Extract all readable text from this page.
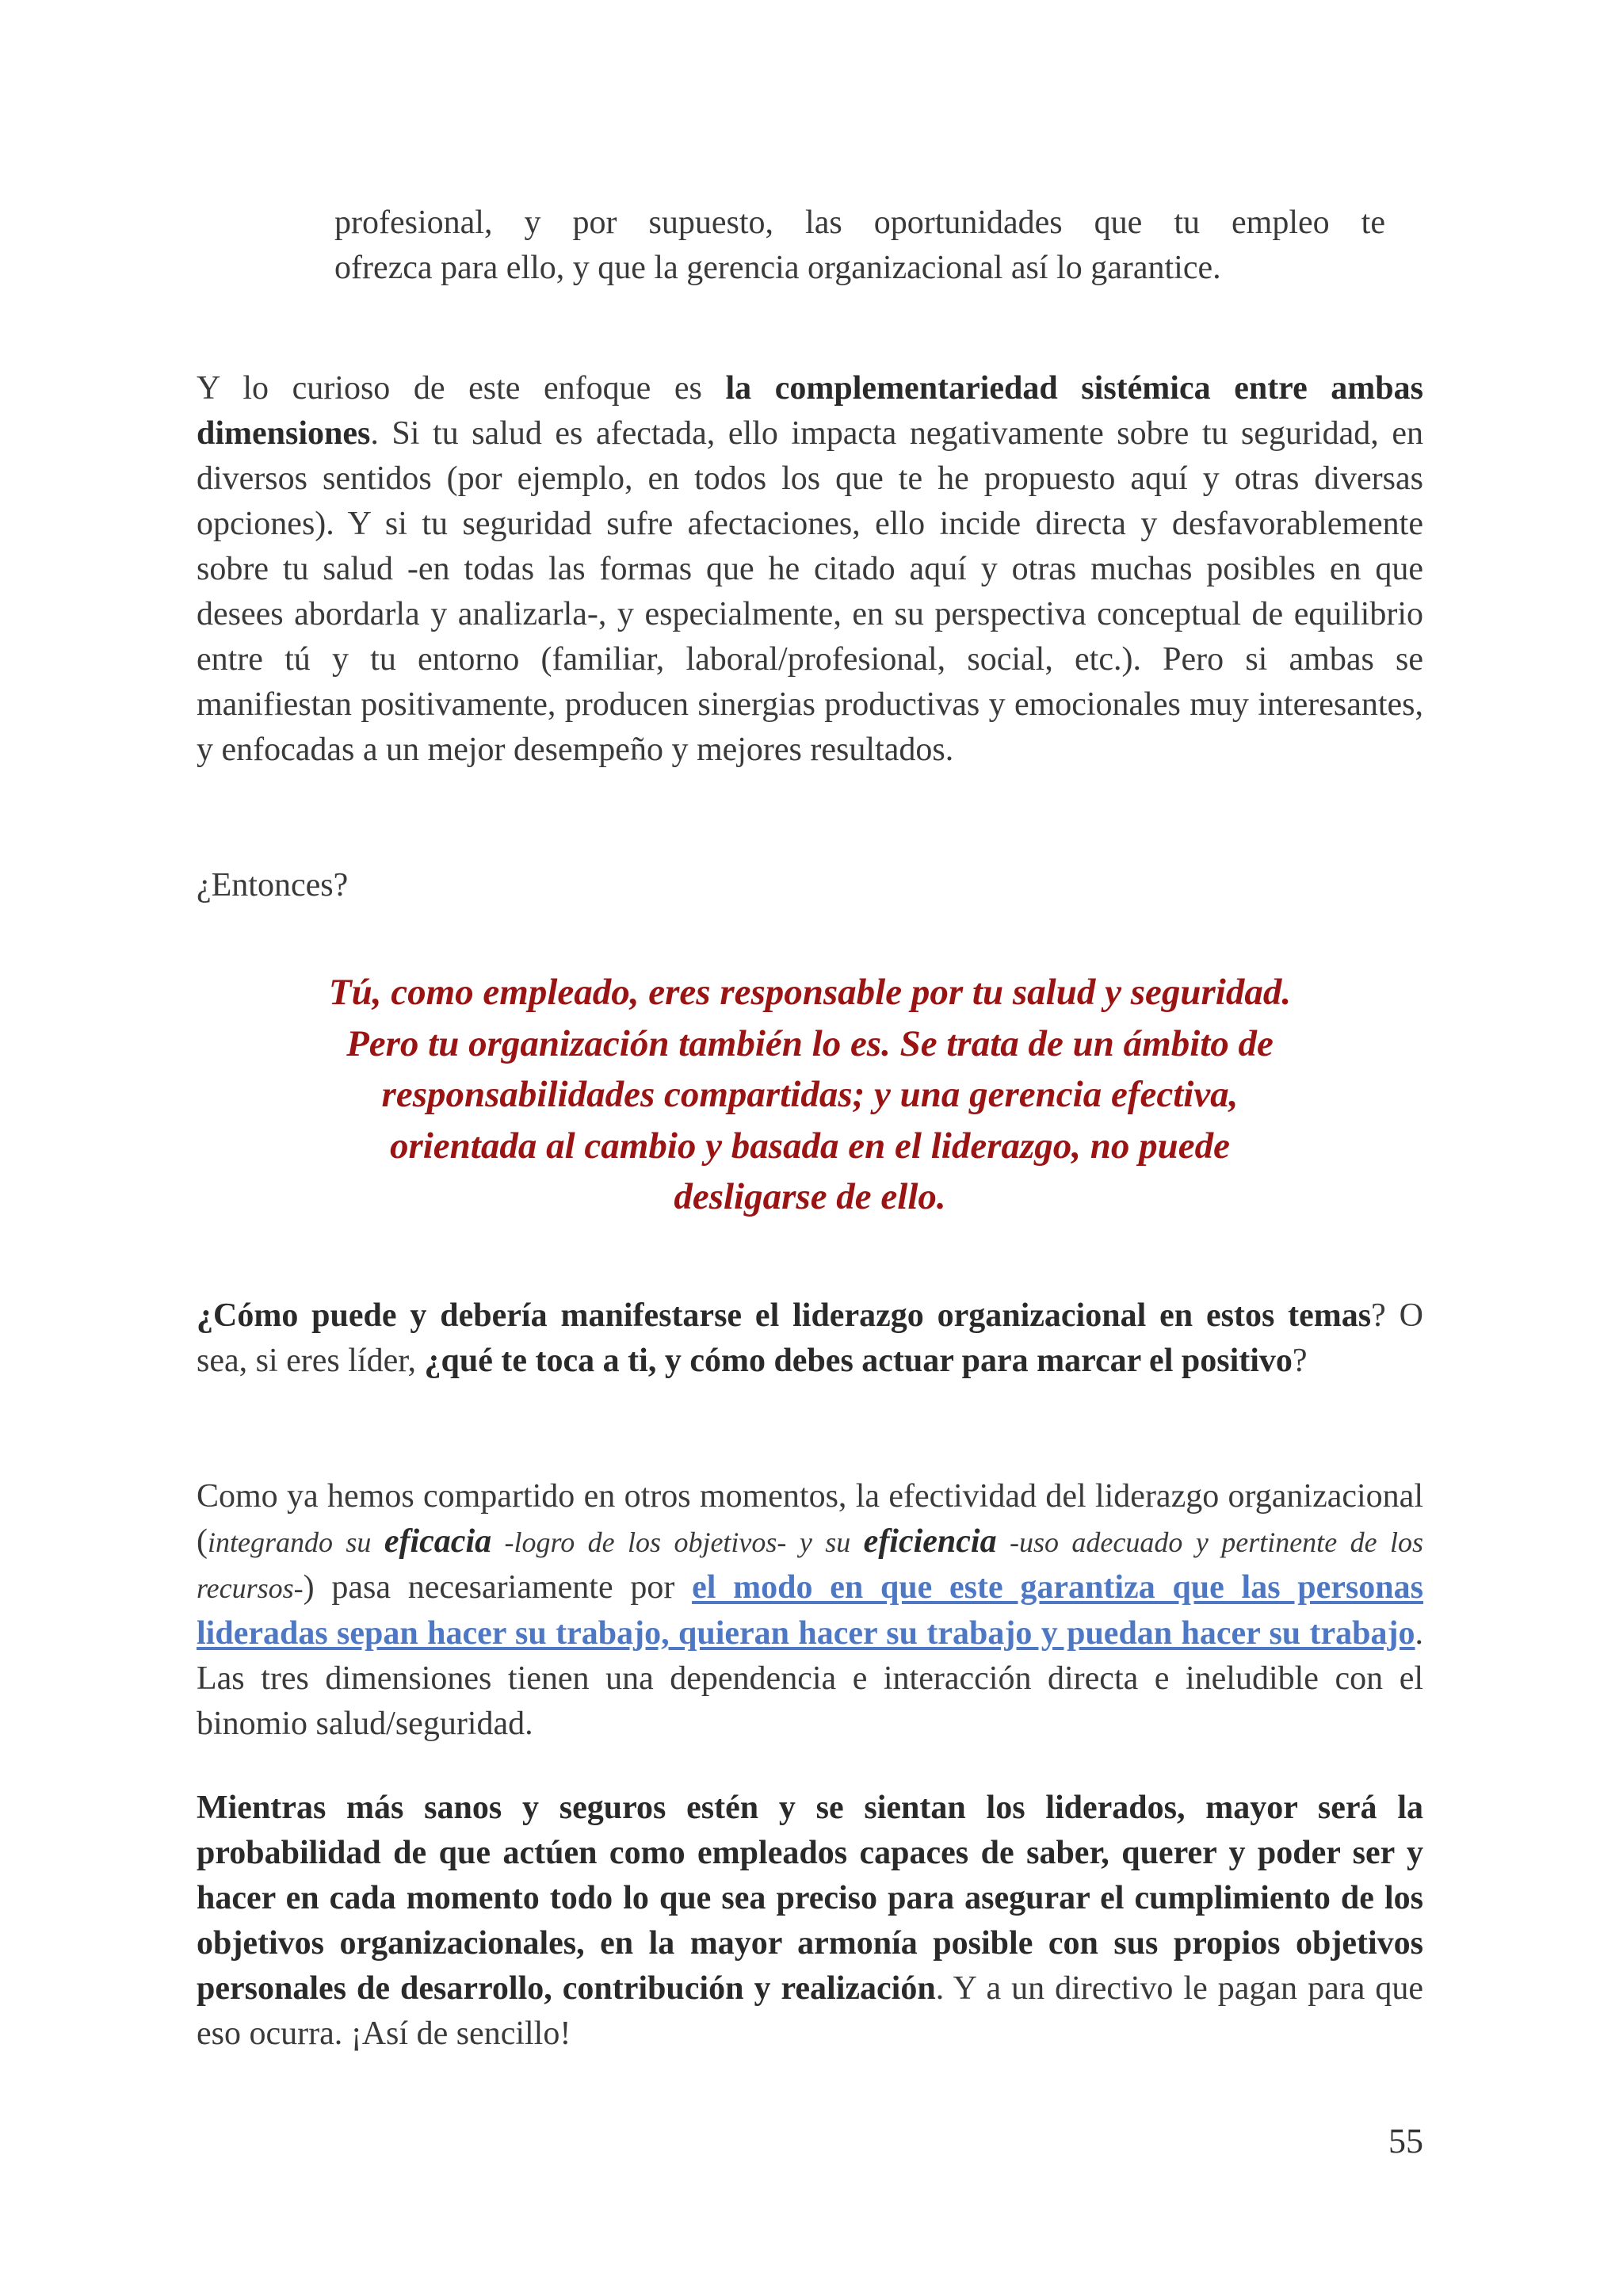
profesional, y por supuesto, las oportunidades que tu empleo te
ofrezca para ello, y que la gerencia organizacional así lo garantice.

Y lo curioso de este enfoque es la complementariedad sistémica entre ambas dimensiones. Si tu salud es afectada, ello impacta negativamente sobre tu seguridad, en diversos sentidos (por ejemplo, en todos los que te he propuesto aquí y otras diversas opciones). Y si tu seguridad sufre afectaciones, ello incide directa y desfavorablemente sobre tu salud -en todas las formas que he citado aquí y otras muchas posibles en que desees abordarla y analizarla-, y especialmente, en su perspectiva conceptual de equilibrio entre tú y tu entorno (familiar, laboral/profesional, social, etc.). Pero si ambas se manifiestan positivamente, producen sinergias productivas y emocionales muy interesantes, y enfocadas a un mejor desempeño y mejores resultados.

¿Entonces?

Tú, como empleado, eres responsable por tu salud y seguridad.
Pero tu organización también lo es. Se trata de un ámbito de
responsabilidades compartidas; y una gerencia efectiva,
orientada al cambio y basada en el liderazgo, no puede
desligarse de ello.

¿Cómo puede y debería manifestarse el liderazgo organizacional en estos temas? O sea, si eres líder, ¿qué te toca a ti, y cómo debes actuar para marcar el positivo?

Como ya hemos compartido en otros momentos, la efectividad del liderazgo organizacional (integrando su eficacia -logro de los objetivos- y su eficiencia -uso adecuado y pertinente de los recursos-) pasa necesariamente por el modo en que este garantiza que las personas lideradas sepan hacer su trabajo, quieran hacer su trabajo y puedan hacer su trabajo. Las tres dimensiones tienen una dependencia e interacción directa e ineludible con el binomio salud/seguridad.

Mientras más sanos y seguros estén y se sientan los liderados, mayor será la probabilidad de que actúen como empleados capaces de saber, querer y poder ser y hacer en cada momento todo lo que sea preciso para asegurar el cumplimiento de los objetivos organizacionales, en la mayor armonía posible con sus propios objetivos personales de desarrollo, contribución y realización. Y a un directivo le pagan para que eso ocurra. ¡Así de sencillo!

55
